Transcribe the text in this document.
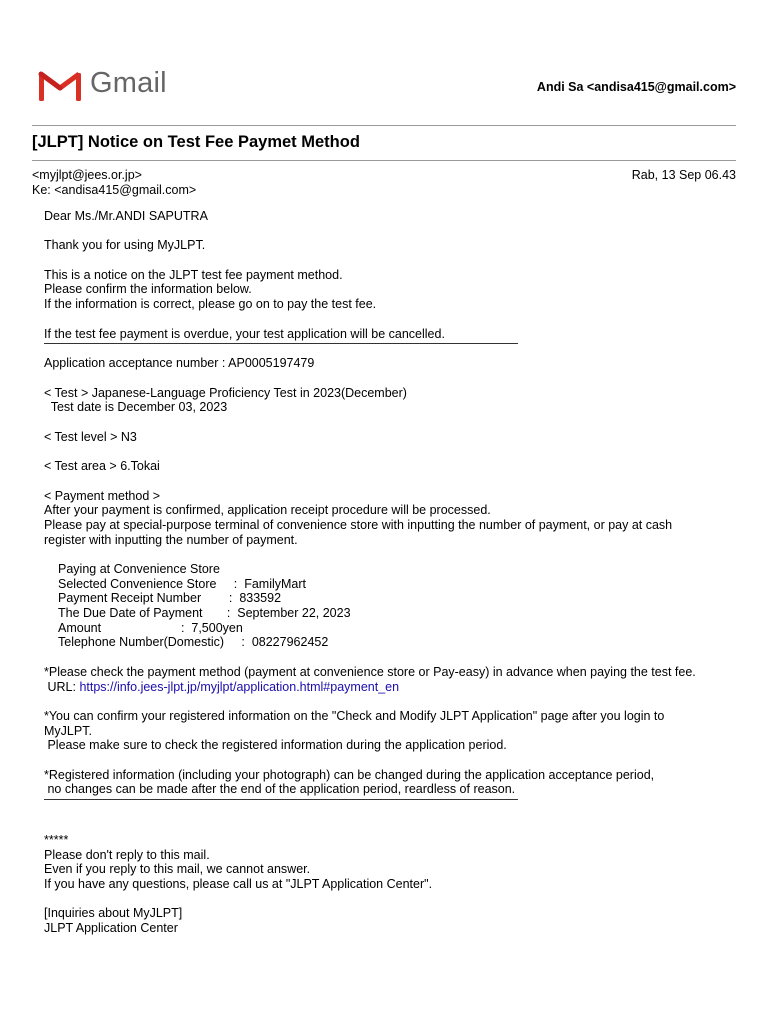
Gmail	Andi Sa <andisa415@gmail.com>
[JLPT] Notice on Test Fee Paymet Method
<myjlpt@jees.or.jp>	Rab, 13 Sep 06.43
Ke: <andisa415@gmail.com>
Dear Ms./Mr.ANDI SAPUTRA
Thank you for using MyJLPT.
This is a notice on the JLPT test fee payment method.
Please confirm the information below.
If the information is correct, please go on to pay the test fee.
If the test fee payment is overdue, your test application will be cancelled.
Application acceptance number : AP0005197479
< Test > Japanese-Language Proficiency Test in 2023(December)
Test date is December 03, 2023
< Test level > N3
< Test area > 6.Tokai
< Payment method >
After your payment is confirmed, application receipt procedure will be processed.
Please pay at special-purpose terminal of convenience store with inputting the number of payment, or pay at cash register with inputting the number of payment.
Paying at Convenience Store
Selected Convenience Store     :  FamilyMart
Payment Receipt Number        :  833592
The Due Date of Payment       :  September 22, 2023
Amount                       :  7,500yen
Telephone Number(Domestic)     :  08227962452
*Please check the payment method (payment at convenience store or Pay-easy) in advance when paying the test fee.
URL: https://info.jees-jlpt.jp/myjlpt/application.html#payment_en
*You can confirm your registered information on the "Check and Modify JLPT Application" page after you login to MyJLPT.
Please make sure to check the registered information during the application period.
*Registered information (including your photograph) can be changed during the application acceptance period,
no changes can be made after the end of the application period, reardless of reason.
*****
Please don't reply to this mail.
Even if you reply to this mail, we cannot answer.
If you have any questions, please call us at "JLPT Application Center".
[Inquiries about MyJLPT]
JLPT Application Center
